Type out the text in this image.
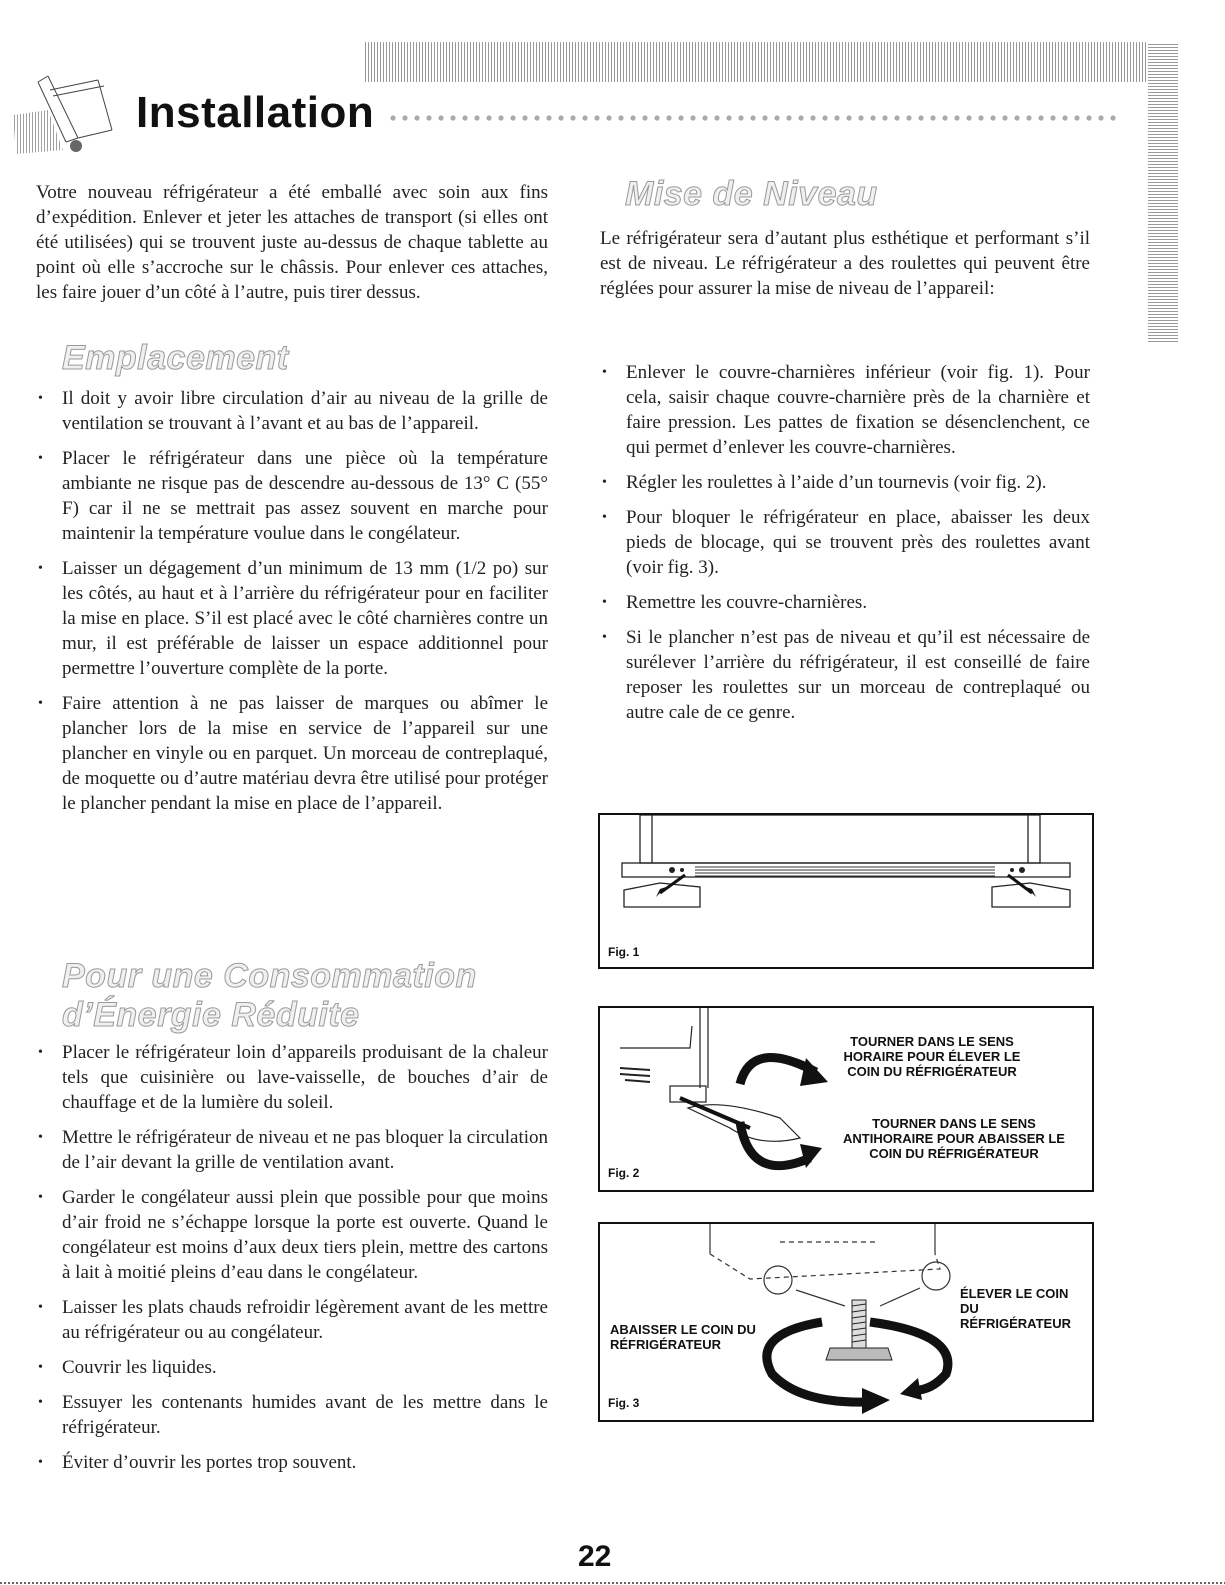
Installation
Votre nouveau réfrigérateur a été emballé avec soin aux fins d’expédition. Enlever et jeter les attaches de transport (si elles ont été utilisées) qui se trouvent juste au-dessus de chaque tablette au point où elle s’accroche sur le châssis. Pour enlever ces attaches, les faire jouer d’un côté à l’autre, puis tirer dessus.
Emplacement
• Il doit y avoir libre circulation d’air au niveau de la grille de ventilation se trouvant à l’avant et au bas de l’appareil.
• Placer le réfrigérateur dans une pièce où la température ambiante ne risque pas de descendre au-dessous de 13° C (55° F) car il ne se mettrait pas assez souvent en marche pour maintenir la température voulue dans le congélateur.
• Laisser un dégagement d’un minimum de 13 mm (1/2 po) sur les côtés, au haut et à l’arrière du réfrigérateur pour en faciliter la mise en place. S’il est placé avec le côté charnières contre un mur, il est préférable de laisser un espace additionnel pour permettre l’ouverture complète de la porte.
• Faire attention à ne pas laisser de marques ou abîmer le plancher lors de la mise en service de l’appareil sur une plancher en vinyle ou en parquet. Un morceau de contreplaqué, de moquette ou d’autre matériau devra être utilisé pour protéger le plancher pendant la mise en place de l’appareil.
Pour une Consommation
d’Énergie Réduite
• Placer le réfrigérateur loin d’appareils produisant de la chaleur tels que cuisinière ou lave-vaisselle, de bouches d’air de chauffage et de la lumière du soleil.
• Mettre le réfrigérateur de niveau et ne pas bloquer la circulation de l’air devant la grille de ventilation avant.
• Garder le congélateur aussi plein que possible pour que moins d’air froid ne s’échappe lorsque la porte est ouverte. Quand le congélateur est moins d’aux deux tiers plein, mettre des cartons à lait à moitié pleins d’eau dans le congélateur.
• Laisser les plats chauds refroidir légèrement avant de les mettre au réfrigérateur ou au congélateur.
• Couvrir les liquides.
• Essuyer les contenants humides avant de les mettre dans le réfrigérateur.
• Éviter d’ouvrir les portes trop souvent.
Mise de Niveau
Le réfrigérateur sera d’autant plus esthétique et performant s’il est de niveau. Le réfrigérateur a des roulettes qui peuvent être réglées pour assurer la mise de niveau de l’appareil:
• Enlever le couvre-charnières inférieur (voir fig. 1). Pour cela, saisir chaque couvre-charnière près de la charnière et faire pression. Les pattes de fixation se désenclenchent, ce qui permet d’enlever les couvre-charnières.
• Régler les roulettes à l’aide d’un tournevis (voir fig. 2).
• Pour bloquer le réfrigérateur en place, abaisser les deux pieds de blocage, qui se trouvent près des roulettes avant (voir fig. 3).
• Remettre les couvre-charnières.
• Si le plancher n’est pas de niveau et qu’il est nécessaire de surélever l’arrière du réfrigérateur, il est conseillé de faire reposer les roulettes sur un morceau de contreplaqué ou autre cale de ce genre.
Fig. 1
TOURNER DANS LE SENS HORAIRE POUR ÉLEVER LE COIN DU RÉFRIGÉRATEUR
TOURNER DANS LE SENS ANTIHORAIRE POUR ABAISSER LE COIN DU RÉFRIGÉRATEUR
Fig. 2
ABAISSER LE COIN DU RÉFRIGÉRATEUR
ÉLEVER LE COIN DU RÉFRIGÉRATEUR
Fig. 3
22
